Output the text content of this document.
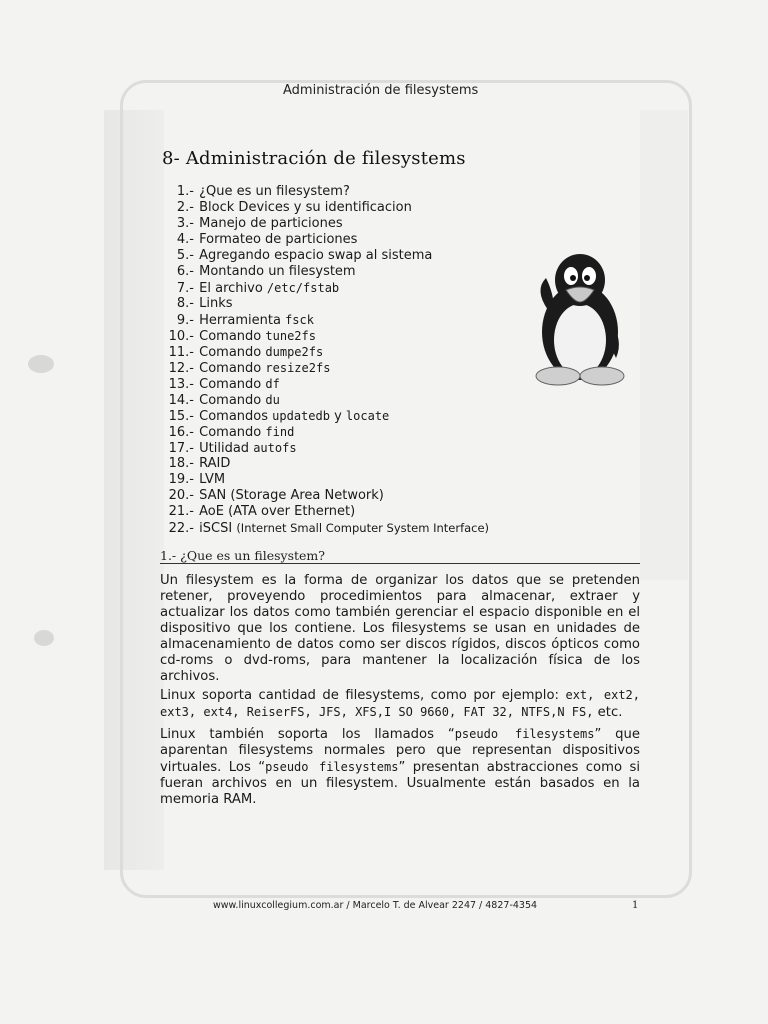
Administración de filesystems
8- Administración de filesystems
1.- ¿Que es un filesystem?
2.- Block Devices y su identificacion
3.- Manejo de particiones
4.- Formateo de particiones
5.- Agregando espacio swap al sistema
6.- Montando un filesystem
7.- El archivo /etc/fstab
8.- Links
9.- Herramienta fsck
10.- Comando tune2fs
11.- Comando dumpe2fs
12.- Comando resize2fs
13.- Comando df
14.- Comando du
15.- Comandos updatedb y locate
16.- Comando find
17.- Utilidad autofs
18.- RAID
19.- LVM
20.- SAN (Storage Area Network)
21.- AoE (ATA over Ethernet)
22.- iSCSI (Internet Small Computer System Interface)
1.- ¿Que es un filesystem?
Un filesystem es la forma de organizar los datos que se pretenden retener, proveyendo procedimientos para almacenar, extraer y actualizar los datos como también gerenciar el espacio disponible en el dispositivo que los contiene. Los filesystems se usan en unidades de almacenamiento de datos como ser discos rígidos, discos ópticos como cd-roms o dvd-roms, para mantener la localización física de los archivos.
Linux soporta cantidad de filesystems, como por ejemplo: ext, ext2, ext3, ext4, ReiserFS, JFS, XFS,I SO 9660, FAT 32, NTFS,N FS, etc.
Linux también soporta los llamados “pseudo filesystems” que aparentan filesystems normales pero que representan dispositivos virtuales. Los “pseudo filesystems” presentan abstracciones como si fueran archivos en un filesystem. Usualmente están basados en la memoria RAM.
www.linuxcollegium.com.ar / Marcelo T. de Alvear 2247 / 4827-4354	1
